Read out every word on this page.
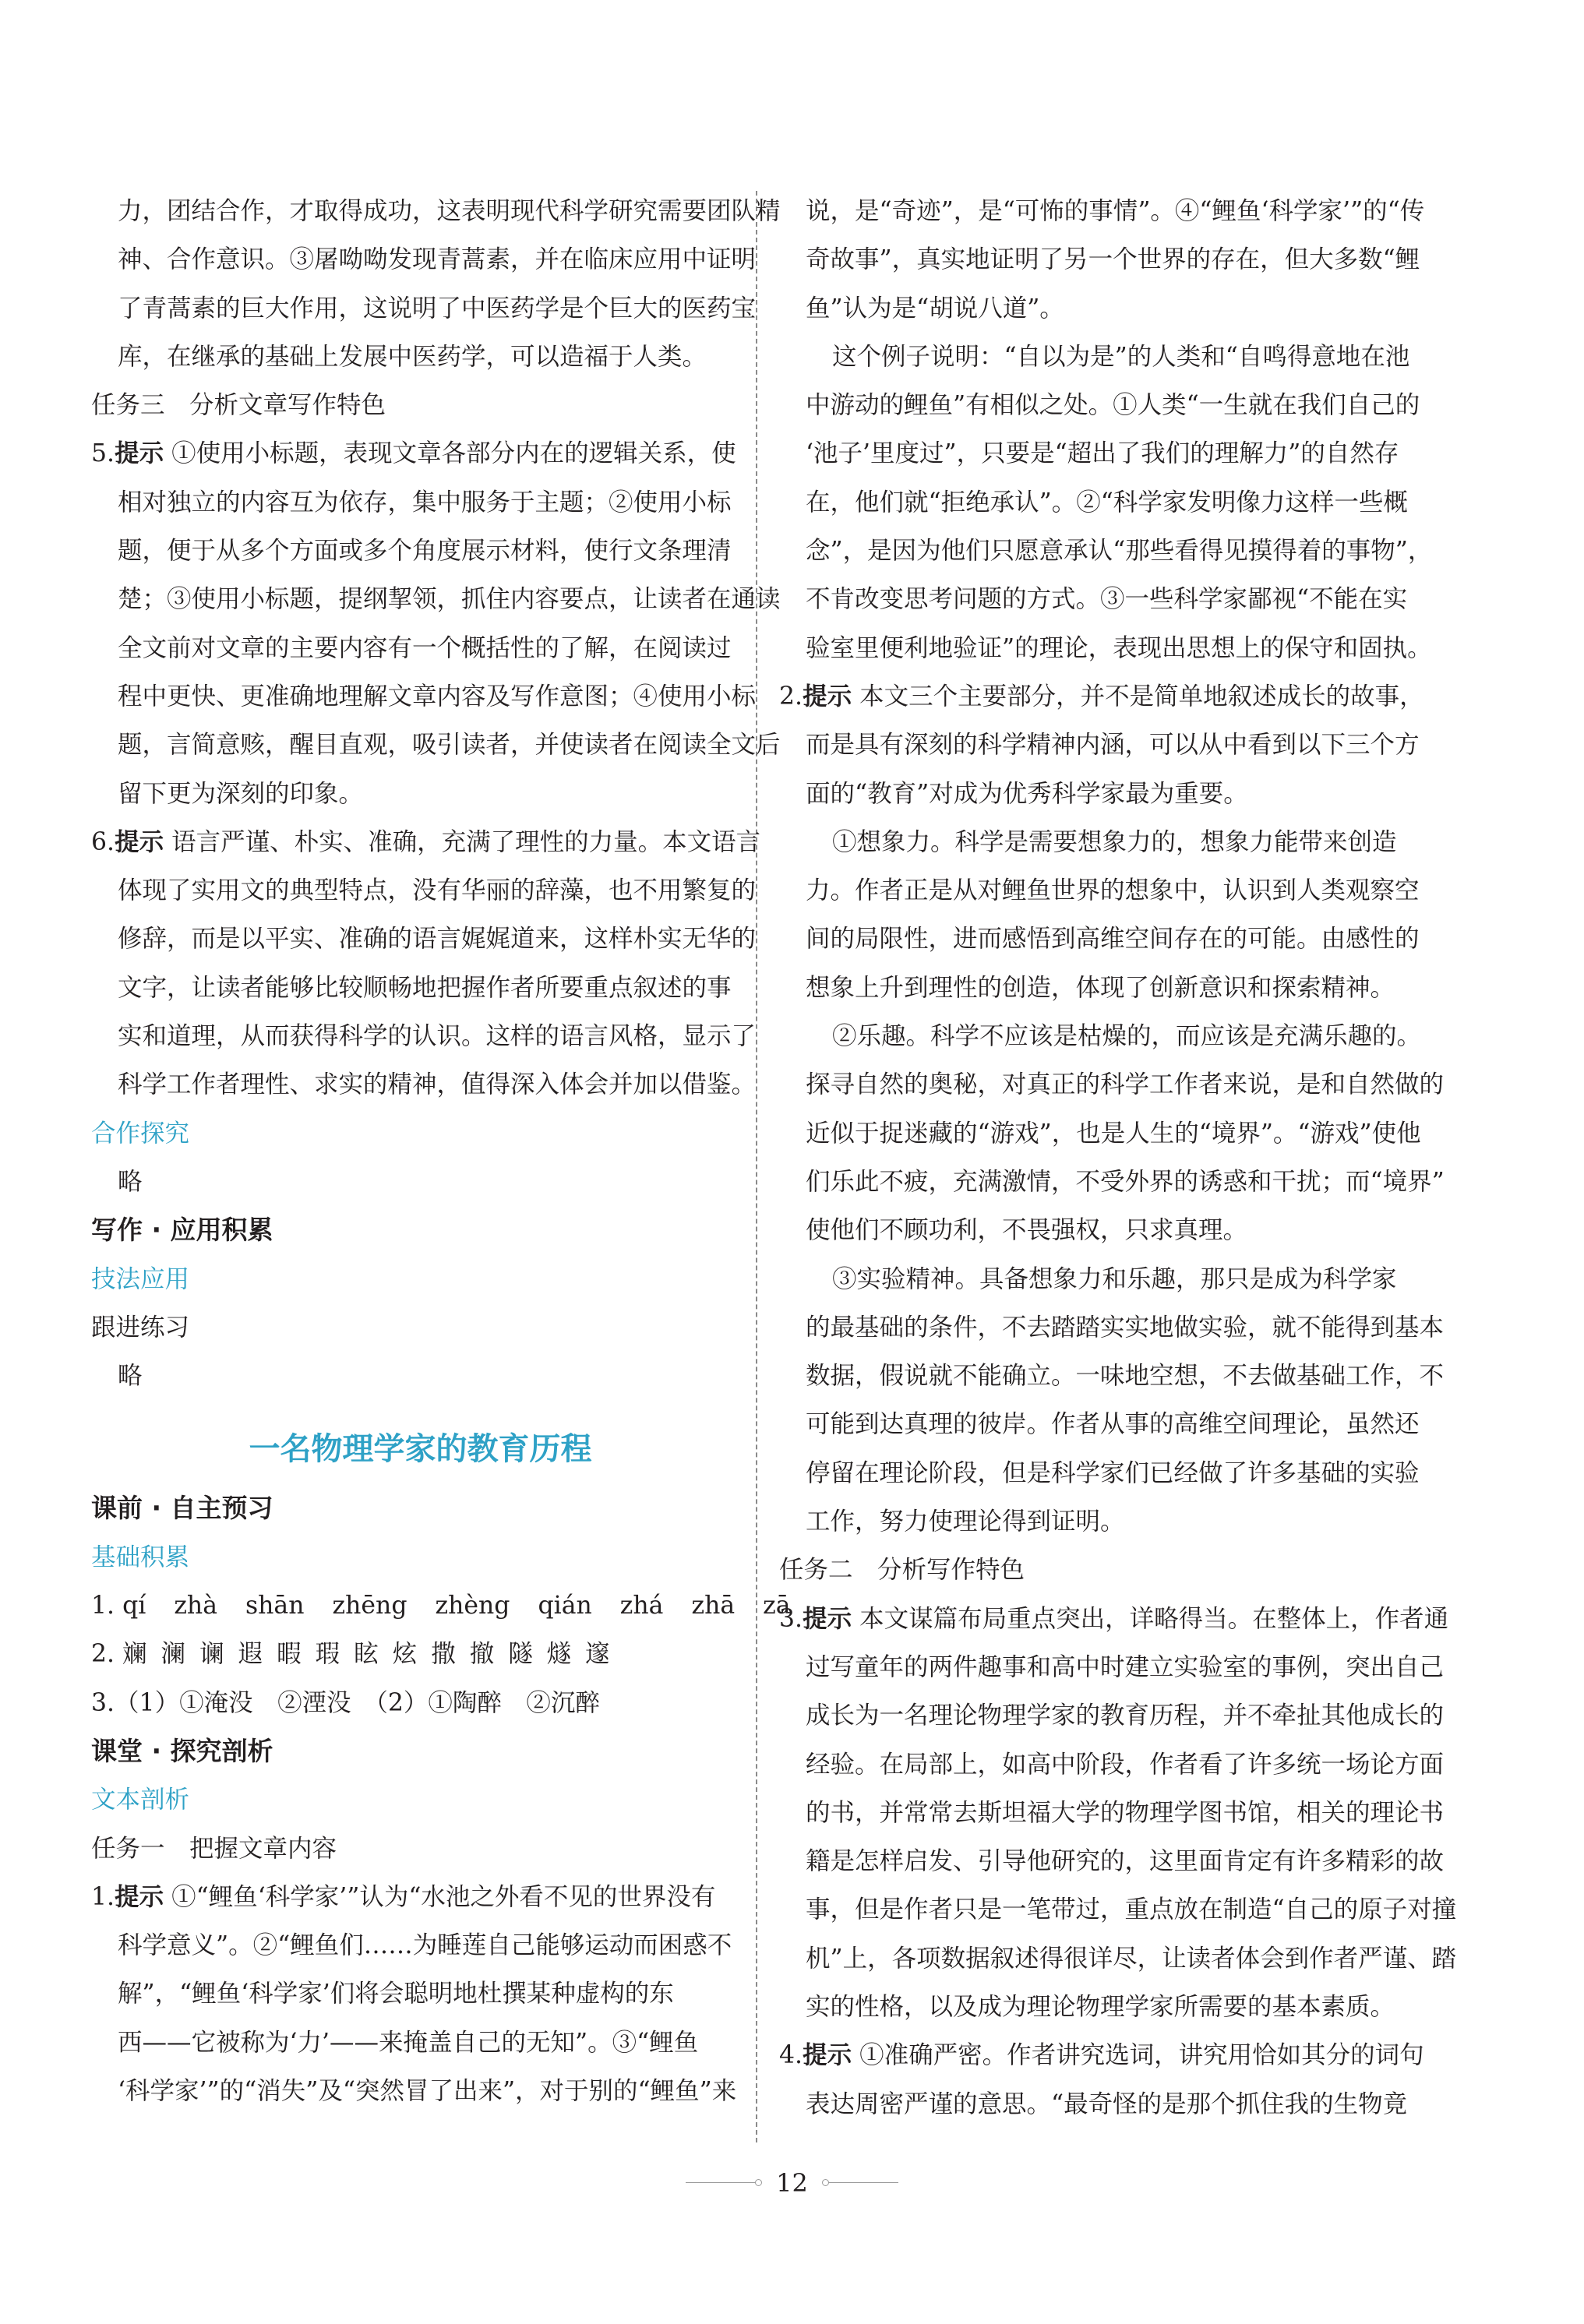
力，团结合作，才取得成功，这表明现代科学研究需要团队精
神、合作意识。③屠呦呦发现青蒿素，并在临床应用中证明
了青蒿素的巨大作用，这说明了中医药学是个巨大的医药宝
库，在继承的基础上发展中医药学，可以造福于人类。
任务三　分析文章写作特色
5.提示 ①使用小标题，表现文章各部分内在的逻辑关系，使
相对独立的内容互为依存，集中服务于主题；②使用小标
题，便于从多个方面或多个角度展示材料，使行文条理清
楚；③使用小标题，提纲挈领，抓住内容要点，让读者在通读
全文前对文章的主要内容有一个概括性的了解，在阅读过
程中更快、更准确地理解文章内容及写作意图；④使用小标
题，言简意赅，醒目直观，吸引读者，并使读者在阅读全文后
留下更为深刻的印象。
6.提示 语言严谨、朴实、准确，充满了理性的力量。本文语言
体现了实用文的典型特点，没有华丽的辞藻，也不用繁复的
修辞，而是以平实、准确的语言娓娓道来，这样朴实无华的
文字，让读者能够比较顺畅地把握作者所要重点叙述的事
实和道理，从而获得科学的认识。这样的语言风格，显示了
科学工作者理性、求实的精神，值得深入体会并加以借鉴。
合作探究
略
写作 · 应用积累
技法应用
跟进练习
略
一名物理学家的教育历程
课前 · 自主预习
基础积累
1. qí zhà shān zhēng zhèng qián zhá zhā zā
2. 斓 澜 谰 遐 暇 瑕 眩 炫 撒 撤 隧 燧 邃
3.（1）①淹没　②湮没　（2）①陶醉　②沉醉
课堂 · 探究剖析
文本剖析
任务一　把握文章内容
1.提示 ①“鲤鱼‘科学家’”认为“水池之外看不见的世界没有
科学意义”。②“鲤鱼们……为睡莲自己能够运动而困惑不
解”，“鲤鱼‘科学家’们将会聪明地杜撰某种虚构的东
西——它被称为‘力’——来掩盖自己的无知”。③“鲤鱼
‘科学家’”的“消失”及“突然冒了出来”，对于别的“鲤鱼”来
说，是“奇迹”，是“可怖的事情”。④“鲤鱼‘科学家’”的“传
奇故事”，真实地证明了另一个世界的存在，但大多数“鲤
鱼”认为是“胡说八道”。
这个例子说明：“自以为是”的人类和“自鸣得意地在池
中游动的鲤鱼”有相似之处。①人类“一生就在我们自己的
‘池子’里度过”，只要是“超出了我们的理解力”的自然存
在，他们就“拒绝承认”。②“科学家发明像力这样一些概
念”，是因为他们只愿意承认“那些看得见摸得着的事物”，
不肯改变思考问题的方式。③一些科学家鄙视“不能在实
验室里便利地验证”的理论，表现出思想上的保守和固执。
2.提示 本文三个主要部分，并不是简单地叙述成长的故事，
而是具有深刻的科学精神内涵，可以从中看到以下三个方
面的“教育”对成为优秀科学家最为重要。
①想象力。科学是需要想象力的，想象力能带来创造
力。作者正是从对鲤鱼世界的想象中，认识到人类观察空
间的局限性，进而感悟到高维空间存在的可能。由感性的
想象上升到理性的创造，体现了创新意识和探索精神。
②乐趣。科学不应该是枯燥的，而应该是充满乐趣的。
探寻自然的奥秘，对真正的科学工作者来说，是和自然做的
近似于捉迷藏的“游戏”，也是人生的“境界”。“游戏”使他
们乐此不疲，充满激情，不受外界的诱惑和干扰；而“境界”
使他们不顾功利，不畏强权，只求真理。
③实验精神。具备想象力和乐趣，那只是成为科学家
的最基础的条件，不去踏踏实实地做实验，就不能得到基本
数据，假说就不能确立。一味地空想，不去做基础工作，不
可能到达真理的彼岸。作者从事的高维空间理论，虽然还
停留在理论阶段，但是科学家们已经做了许多基础的实验
工作，努力使理论得到证明。
任务二　分析写作特色
3.提示 本文谋篇布局重点突出，详略得当。在整体上，作者通
过写童年的两件趣事和高中时建立实验室的事例，突出自己
成长为一名理论物理学家的教育历程，并不牵扯其他成长的
经验。在局部上，如高中阶段，作者看了许多统一场论方面
的书，并常常去斯坦福大学的物理学图书馆，相关的理论书
籍是怎样启发、引导他研究的，这里面肯定有许多精彩的故
事，但是作者只是一笔带过，重点放在制造“自己的原子对撞
机”上，各项数据叙述得很详尽，让读者体会到作者严谨、踏
实的性格，以及成为理论物理学家所需要的基本素质。
4.提示 ①准确严密。作者讲究选词，讲究用恰如其分的词句
表达周密严谨的意思。“最奇怪的是那个抓住我的生物竟
12
